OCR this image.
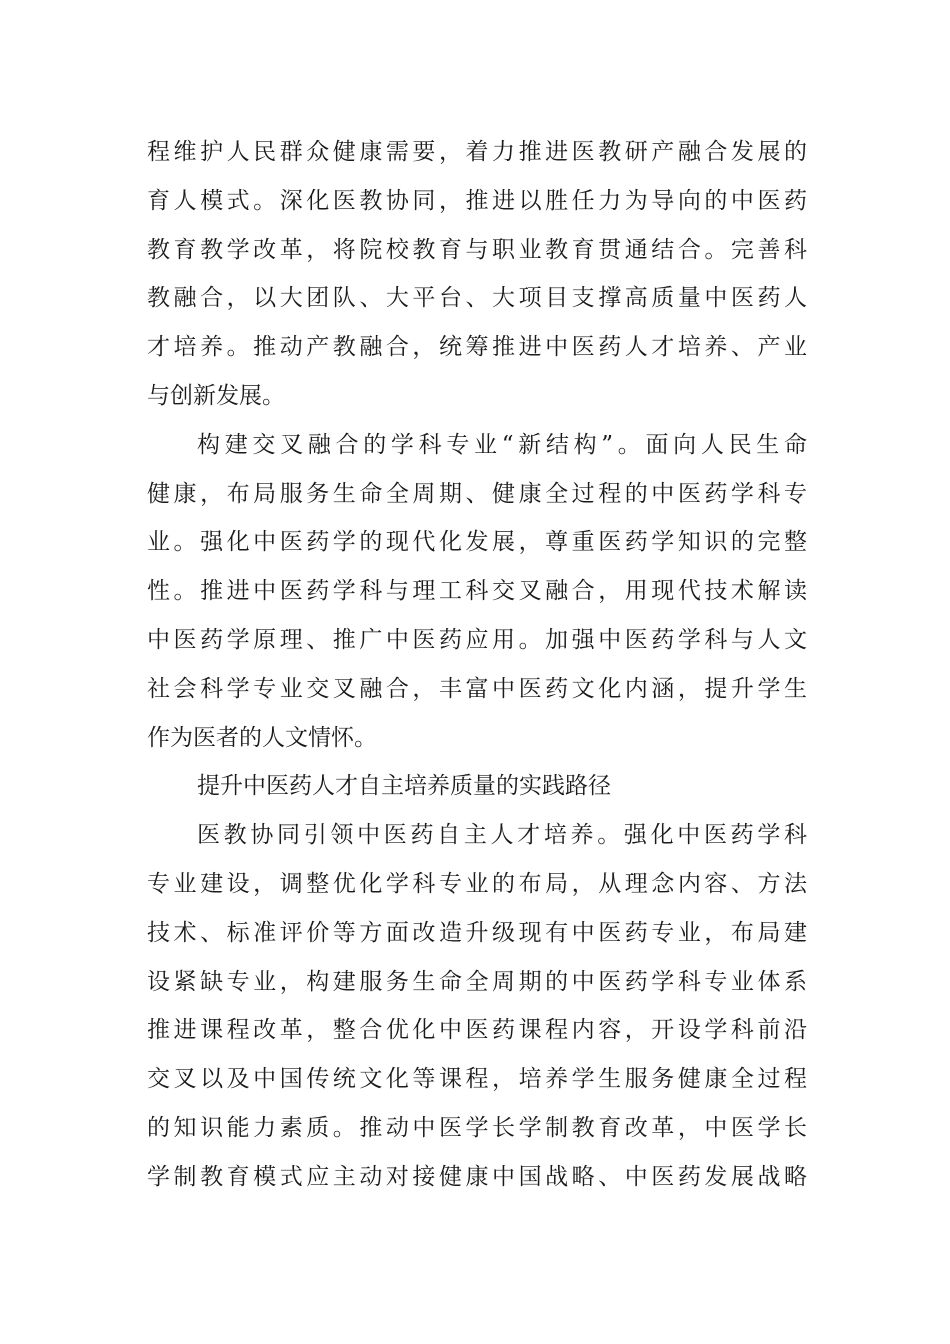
程维护人民群众健康需要，着力推进医教研产融合发展的
育人模式。深化医教协同，推进以胜任力为导向的中医药
教育教学改革，将院校教育与职业教育贯通结合。完善科
教融合，以大团队、大平台、大项目支撑高质量中医药人
才培养。推动产教融合，统筹推进中医药人才培养、产业
与创新发展。
构建交叉融合的学科专业“新结构”。面向人民生命
健康，布局服务生命全周期、健康全过程的中医药学科专
业。强化中医药学的现代化发展，尊重医药学知识的完整
性。推进中医药学科与理工科交叉融合，用现代技术解读
中医药学原理、推广中医药应用。加强中医药学科与人文
社会科学专业交叉融合，丰富中医药文化内涵，提升学生
作为医者的人文情怀。
提升中医药人才自主培养质量的实践路径
医教协同引领中医药自主人才培养。强化中医药学科
专业建设，调整优化学科专业的布局，从理念内容、方法
技术、标准评价等方面改造升级现有中医药专业，布局建
设紧缺专业，构建服务生命全周期的中医药学科专业体系
推进课程改革，整合优化中医药课程内容，开设学科前沿
交叉以及中国传统文化等课程，培养学生服务健康全过程
的知识能力素质。推动中医学长学制教育改革，中医学长
学制教育模式应主动对接健康中国战略、中医药发展战略
